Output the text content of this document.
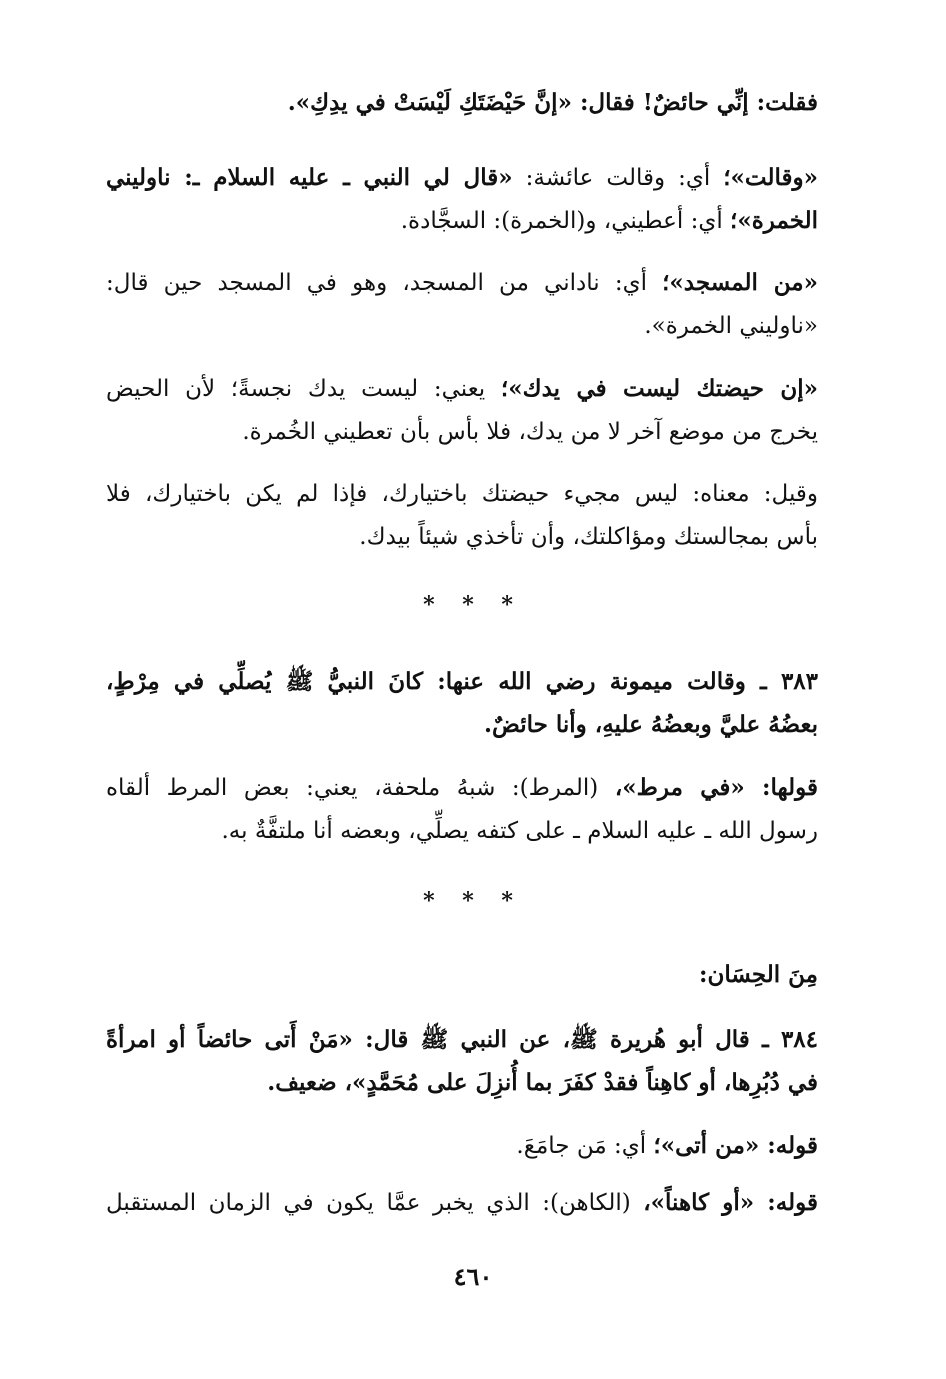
فقلت: إنِّي حائضٌ! فقال: «إنَّ حَيْضَتَكِ لَيْسَتْ في يدِكِ».
«وقالت»؛ أي: وقالت عائشة: «قال لي النبي ـ عليه السلام ـ: ناوليني
الخمرة»؛ أي: أعطيني، و(الخمرة): السجَّادة.
«من المسجد»؛ أي: ناداني من المسجد، وهو في المسجد حين قال:
«ناوليني الخمرة».
«إن حيضتك ليست في يدك»؛ يعني: ليست يدك نجسةً؛ لأن الحيض
يخرج من موضع آخر لا من يدك، فلا بأس بأن تعطيني الخُمرة.
وقيل: معناه: ليس مجيء حيضتك باختيارك، فإذا لم يكن باختيارك، فلا
بأس بمجالستك ومؤاكلتك، وأن تأخذي شيئاً بيدك.
* * *
٣٨٣ ـ وقالت ميمونة رضي الله عنها: كانَ النبيُّ ﷺ يُصلِّي في مِرْطٍ،
بعضُهُ عليَّ وبعضُهُ عليهِ، وأنا حائضٌ.
قولها: «في مرط»، (المرط): شبهُ ملحفة، يعني: بعض المرط ألقاه
رسول الله ـ عليه السلام ـ على كتفه يصلِّي، وبعضه أنا ملتفَّةٌ به.
* * *
مِنَ الحِسَان:
٣٨٤ ـ قال أبو هُريرة ﷺ، عن النبي ﷺ قال: «مَنْ أَتى حائضاً أو امرأةً
في دُبُرِها، أو كاهِناً فقدْ كفَرَ بما أُنزِلَ على مُحَمَّدٍ»، ضعيف.
قوله: «من أتى»؛ أي: مَن جامَعَ.
قوله: «أو كاهناً»، (الكاهن): الذي يخبر عمَّا يكون في الزمان المستقبل
٤٦٠
